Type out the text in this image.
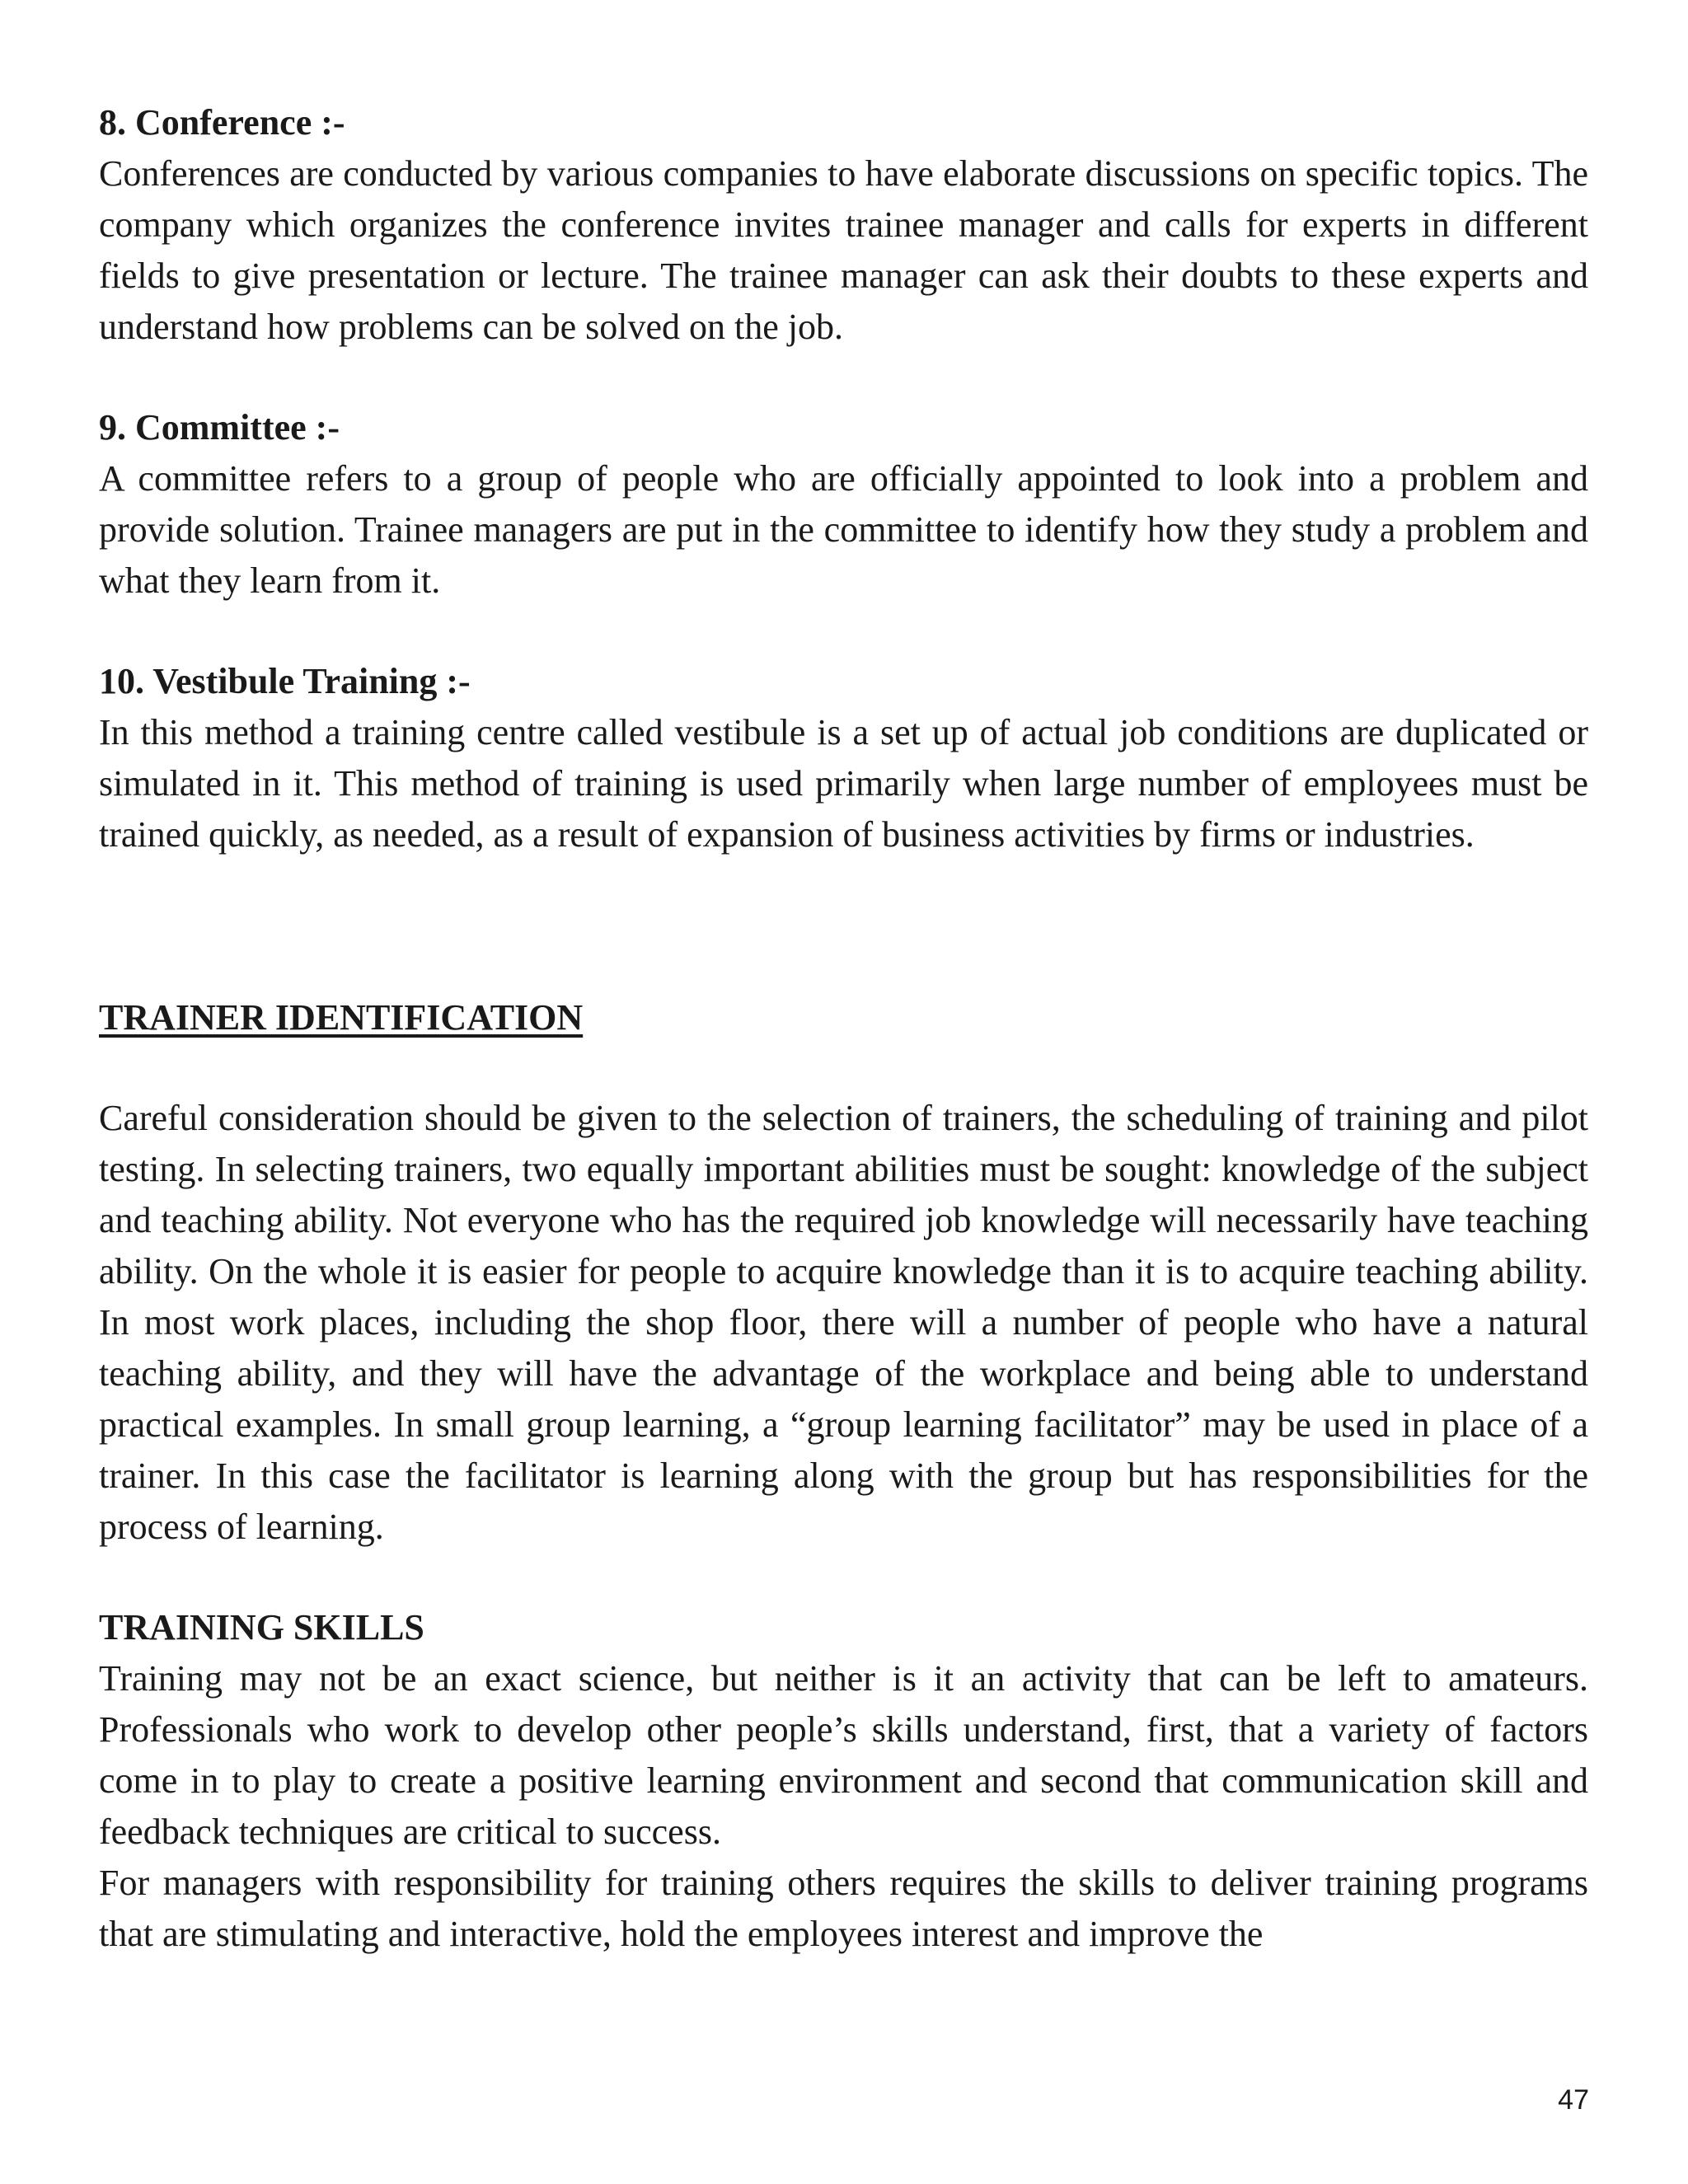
8. Conference :-

Conferences are conducted by various companies to have elaborate discussions on specific topics. The company which organizes the conference invites trainee manager and calls for experts in different fields to give presentation or lecture. The trainee manager can ask their doubts to these experts and understand how problems can be solved on the job.

9. Committee :-

A committee refers to a group of people who are officially appointed to look into a problem and provide solution. Trainee managers are put in the committee to identify how they study a problem and what they learn from it.

10. Vestibule Training :-

In this method a training centre called vestibule is a set up of actual job conditions are duplicated or simulated in it. This method of training is used primarily when large number of employees must be trained quickly, as needed, as a result of expansion of business activities by firms or industries.

TRAINER IDENTIFICATION

Careful consideration should be given to the selection of trainers, the scheduling of training and pilot testing. In selecting trainers, two equally important abilities must be sought: knowledge of the subject and teaching ability. Not everyone who has the required job knowledge will necessarily have teaching ability. On the whole it is easier for people to acquire knowledge than it is to acquire teaching ability. In most work places, including the shop floor, there will a number of people who have a natural teaching ability, and they will have the advantage of the workplace and being able to understand practical examples. In small group learning, a “group learning facilitator” may be used in place of a trainer. In this case the facilitator is learning along with the group but has responsibilities for the process of learning.

TRAINING SKILLS

Training may not be an exact science, but neither is it an activity that can be left to amateurs. Professionals who work to develop other people’s skills understand, first, that a variety of factors come in to play to create a positive learning environment and second that communication skill and feedback techniques are critical to success.

For managers with responsibility for training others requires the skills to deliver training programs that are stimulating and interactive, hold the employees interest and improve the

47
